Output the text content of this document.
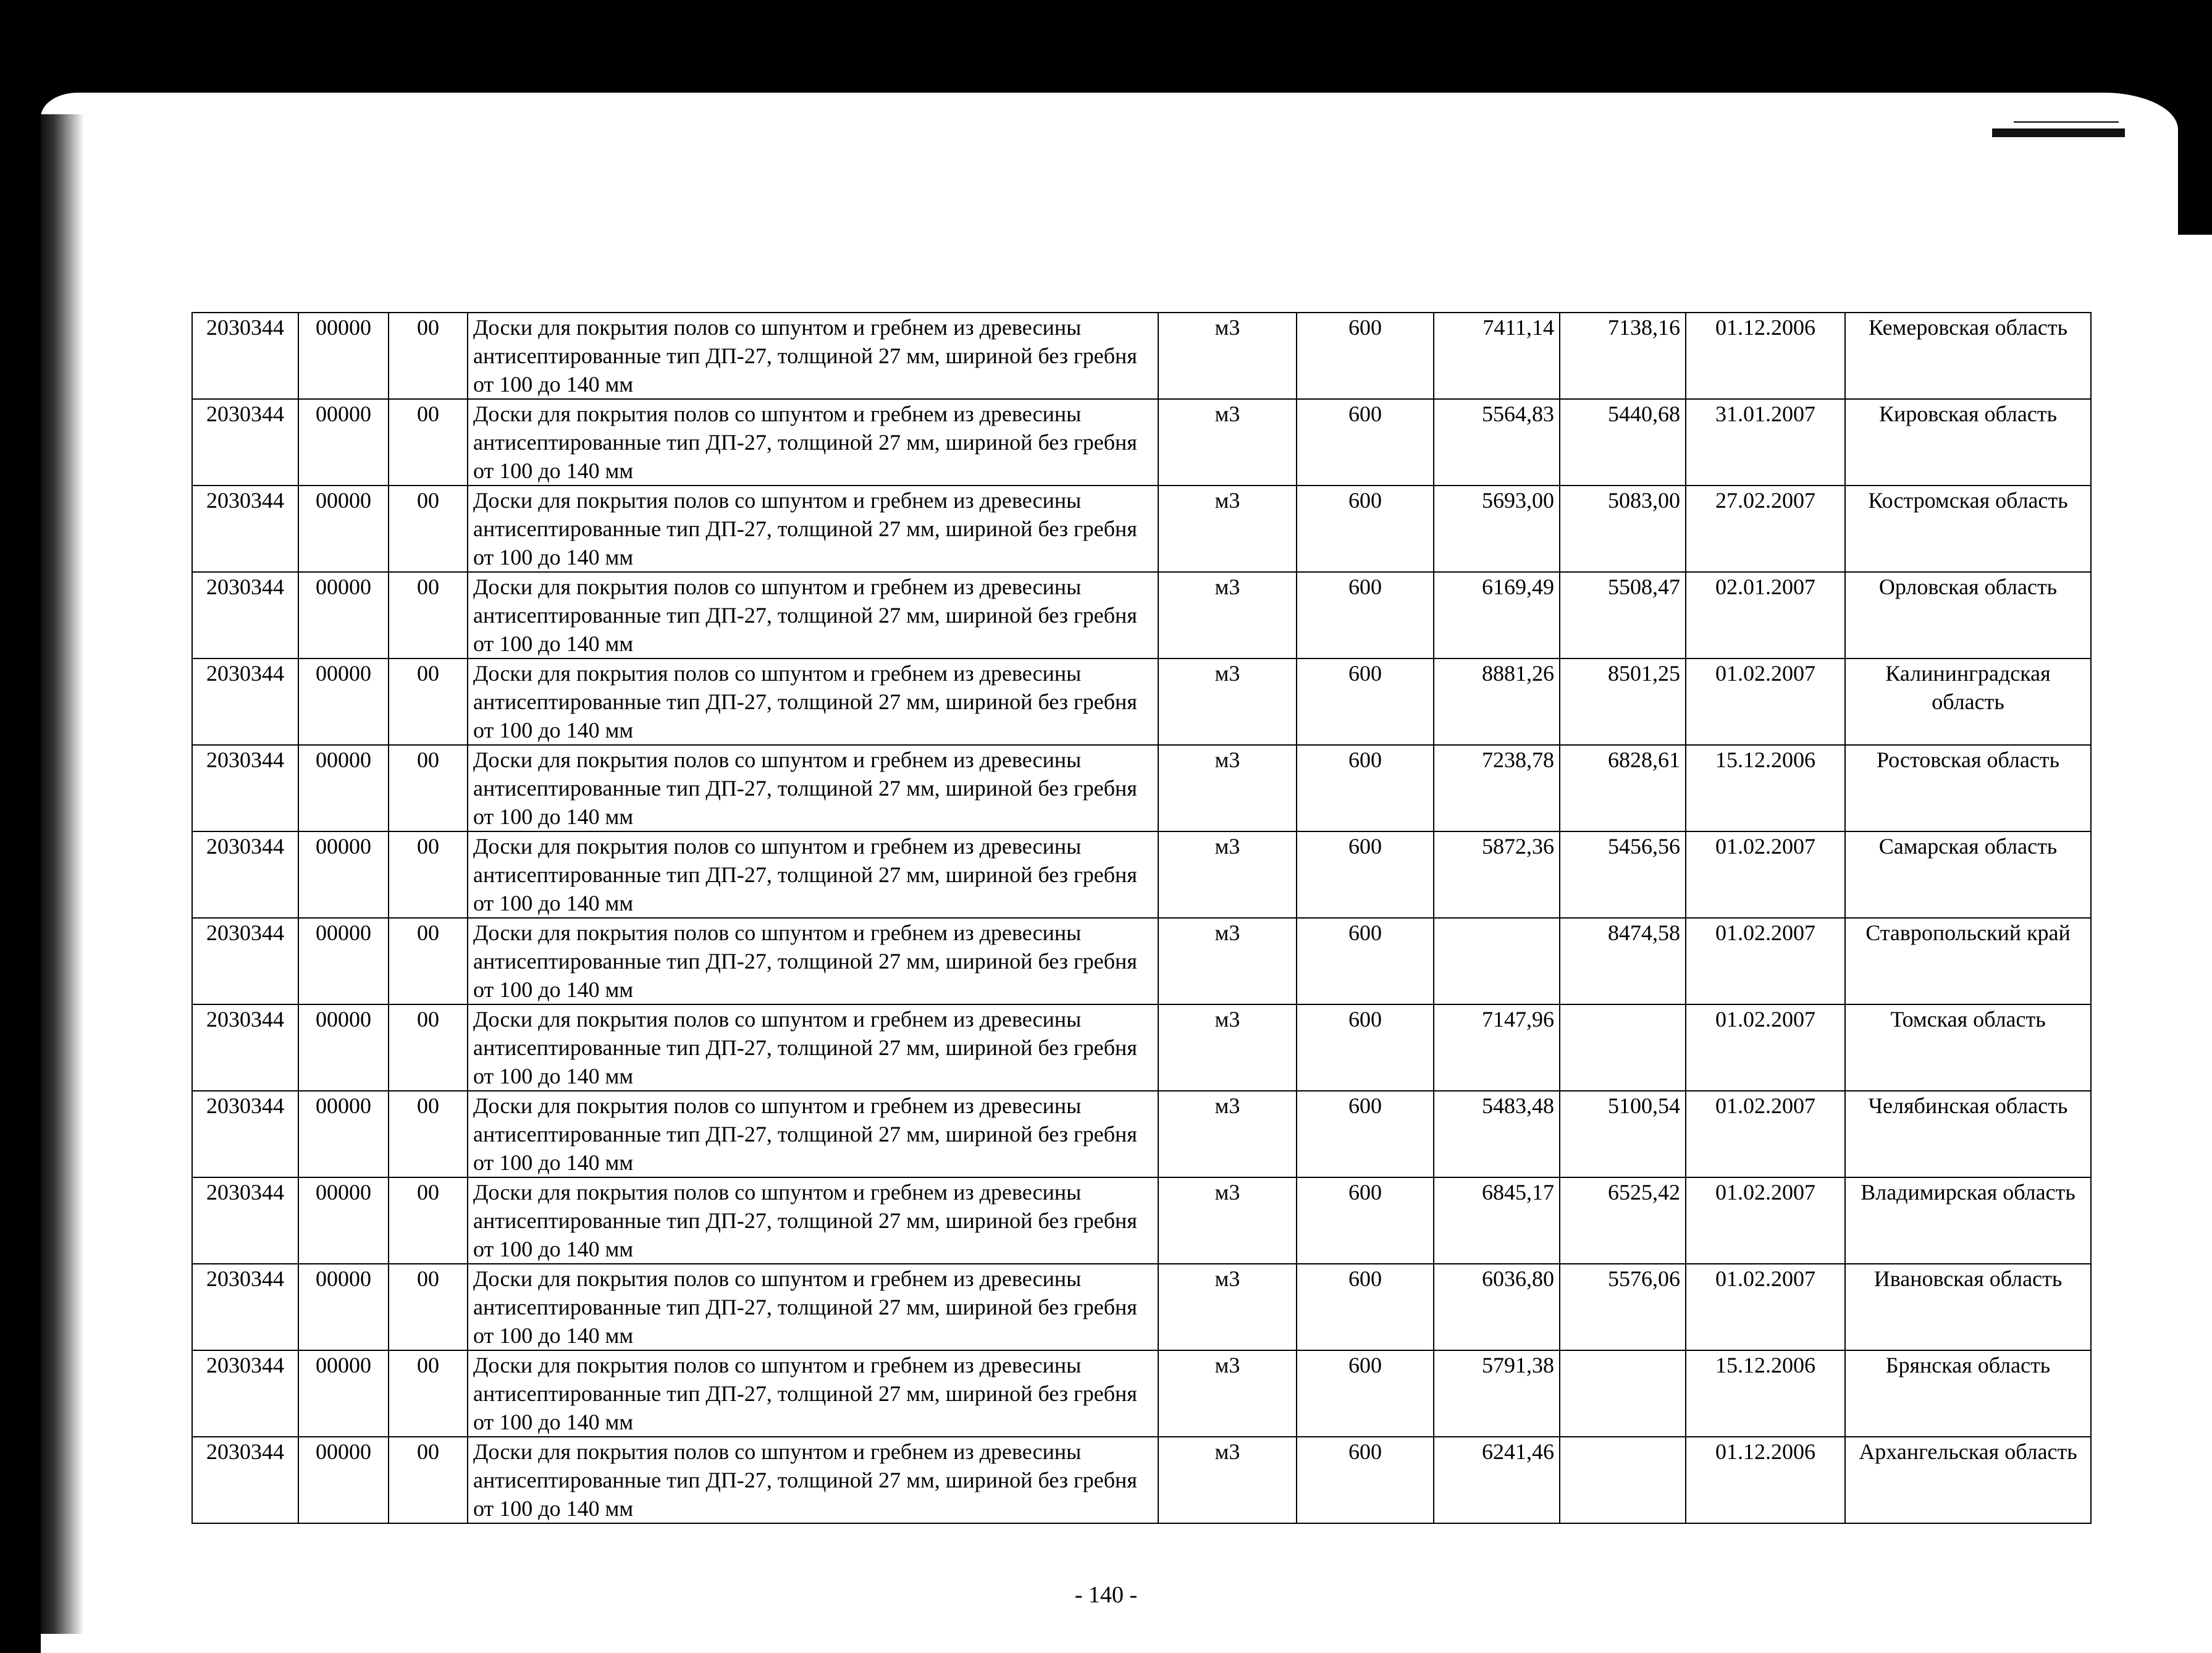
2030344	00000	00	Доски для покрытия полов со шпунтом и гребнем из древесины антисептированные тип ДП-27, толщиной 27 мм, шириной без гребня от 100 до 140 мм	м3	600	7411,14	7138,16	01.12.2006	Кемеровская область
2030344	00000	00	Доски для покрытия полов со шпунтом и гребнем из древесины антисептированные тип ДП-27, толщиной 27 мм, шириной без гребня от 100 до 140 мм	м3	600	5564,83	5440,68	31.01.2007	Кировская область
2030344	00000	00	Доски для покрытия полов со шпунтом и гребнем из древесины антисептированные тип ДП-27, толщиной 27 мм, шириной без гребня от 100 до 140 мм	м3	600	5693,00	5083,00	27.02.2007	Костромская область
2030344	00000	00	Доски для покрытия полов со шпунтом и гребнем из древесины антисептированные тип ДП-27, толщиной 27 мм, шириной без гребня от 100 до 140 мм	м3	600	6169,49	5508,47	02.01.2007	Орловская область
2030344	00000	00	Доски для покрытия полов со шпунтом и гребнем из древесины антисептированные тип ДП-27, толщиной 27 мм, шириной без гребня от 100 до 140 мм	м3	600	8881,26	8501,25	01.02.2007	Калининградская область
2030344	00000	00	Доски для покрытия полов со шпунтом и гребнем из древесины антисептированные тип ДП-27, толщиной 27 мм, шириной без гребня от 100 до 140 мм	м3	600	7238,78	6828,61	15.12.2006	Ростовская область
2030344	00000	00	Доски для покрытия полов со шпунтом и гребнем из древесины антисептированные тип ДП-27, толщиной 27 мм, шириной без гребня от 100 до 140 мм	м3	600	5872,36	5456,56	01.02.2007	Самарская область
2030344	00000	00	Доски для покрытия полов со шпунтом и гребнем из древесины антисептированные тип ДП-27, толщиной 27 мм, шириной без гребня от 100 до 140 мм	м3	600		8474,58	01.02.2007	Ставропольский край
2030344	00000	00	Доски для покрытия полов со шпунтом и гребнем из древесины антисептированные тип ДП-27, толщиной 27 мм, шириной без гребня от 100 до 140 мм	м3	600	7147,96		01.02.2007	Томская область
2030344	00000	00	Доски для покрытия полов со шпунтом и гребнем из древесины антисептированные тип ДП-27, толщиной 27 мм, шириной без гребня от 100 до 140 мм	м3	600	5483,48	5100,54	01.02.2007	Челябинская область
2030344	00000	00	Доски для покрытия полов со шпунтом и гребнем из древесины антисептированные тип ДП-27, толщиной 27 мм, шириной без гребня от 100 до 140 мм	м3	600	6845,17	6525,42	01.02.2007	Владимирская область
2030344	00000	00	Доски для покрытия полов со шпунтом и гребнем из древесины антисептированные тип ДП-27, толщиной 27 мм, шириной без гребня от 100 до 140 мм	м3	600	6036,80	5576,06	01.02.2007	Ивановская область
2030344	00000	00	Доски для покрытия полов со шпунтом и гребнем из древесины антисептированные тип ДП-27, толщиной 27 мм, шириной без гребня от 100 до 140 мм	м3	600	5791,38		15.12.2006	Брянская область
2030344	00000	00	Доски для покрытия полов со шпунтом и гребнем из древесины антисептированные тип ДП-27, толщиной 27 мм, шириной без гребня от 100 до 140 мм	м3	600	6241,46		01.12.2006	Архангельская область
- 140 -
